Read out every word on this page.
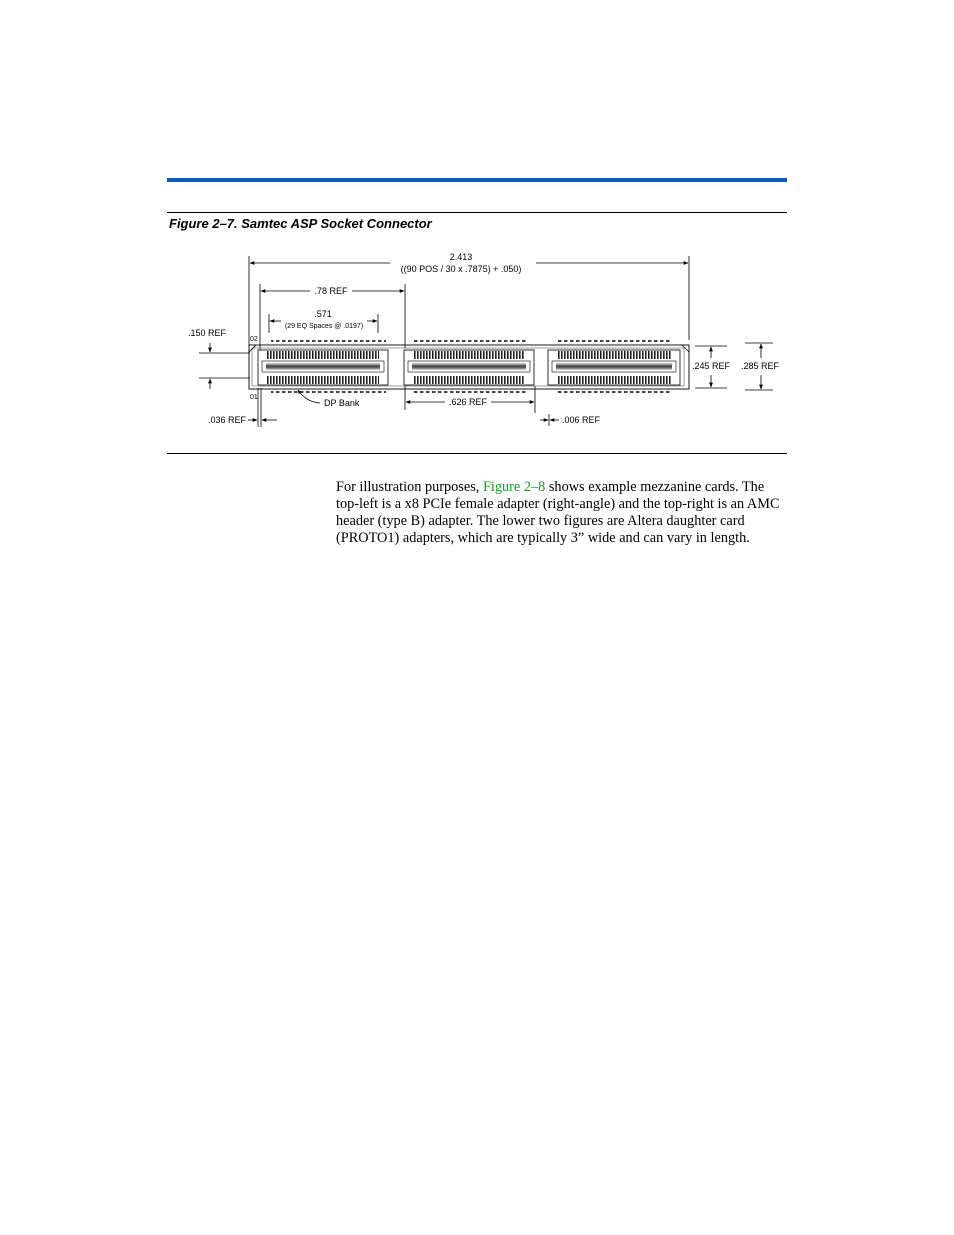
Figure 2–7. Samtec ASP Socket Connector
2.413
((90 POS / 30 x .7875) + .050)
.78 REF
.571
(29 EQ Spaces @ .0197)
.150 REF
02
01
.245 REF .285 REF
DP Bank	.626 REF
.036 REF	.006 REF

For illustration purposes, Figure 2–8 shows example mezzanine cards. The top-left is a x8 PCIe female adapter (right-angle) and the top-right is an AMC header (type B) adapter. The lower two figures are Altera daughter card (PROTO1) adapters, which are typically 3” wide and can vary in length.
